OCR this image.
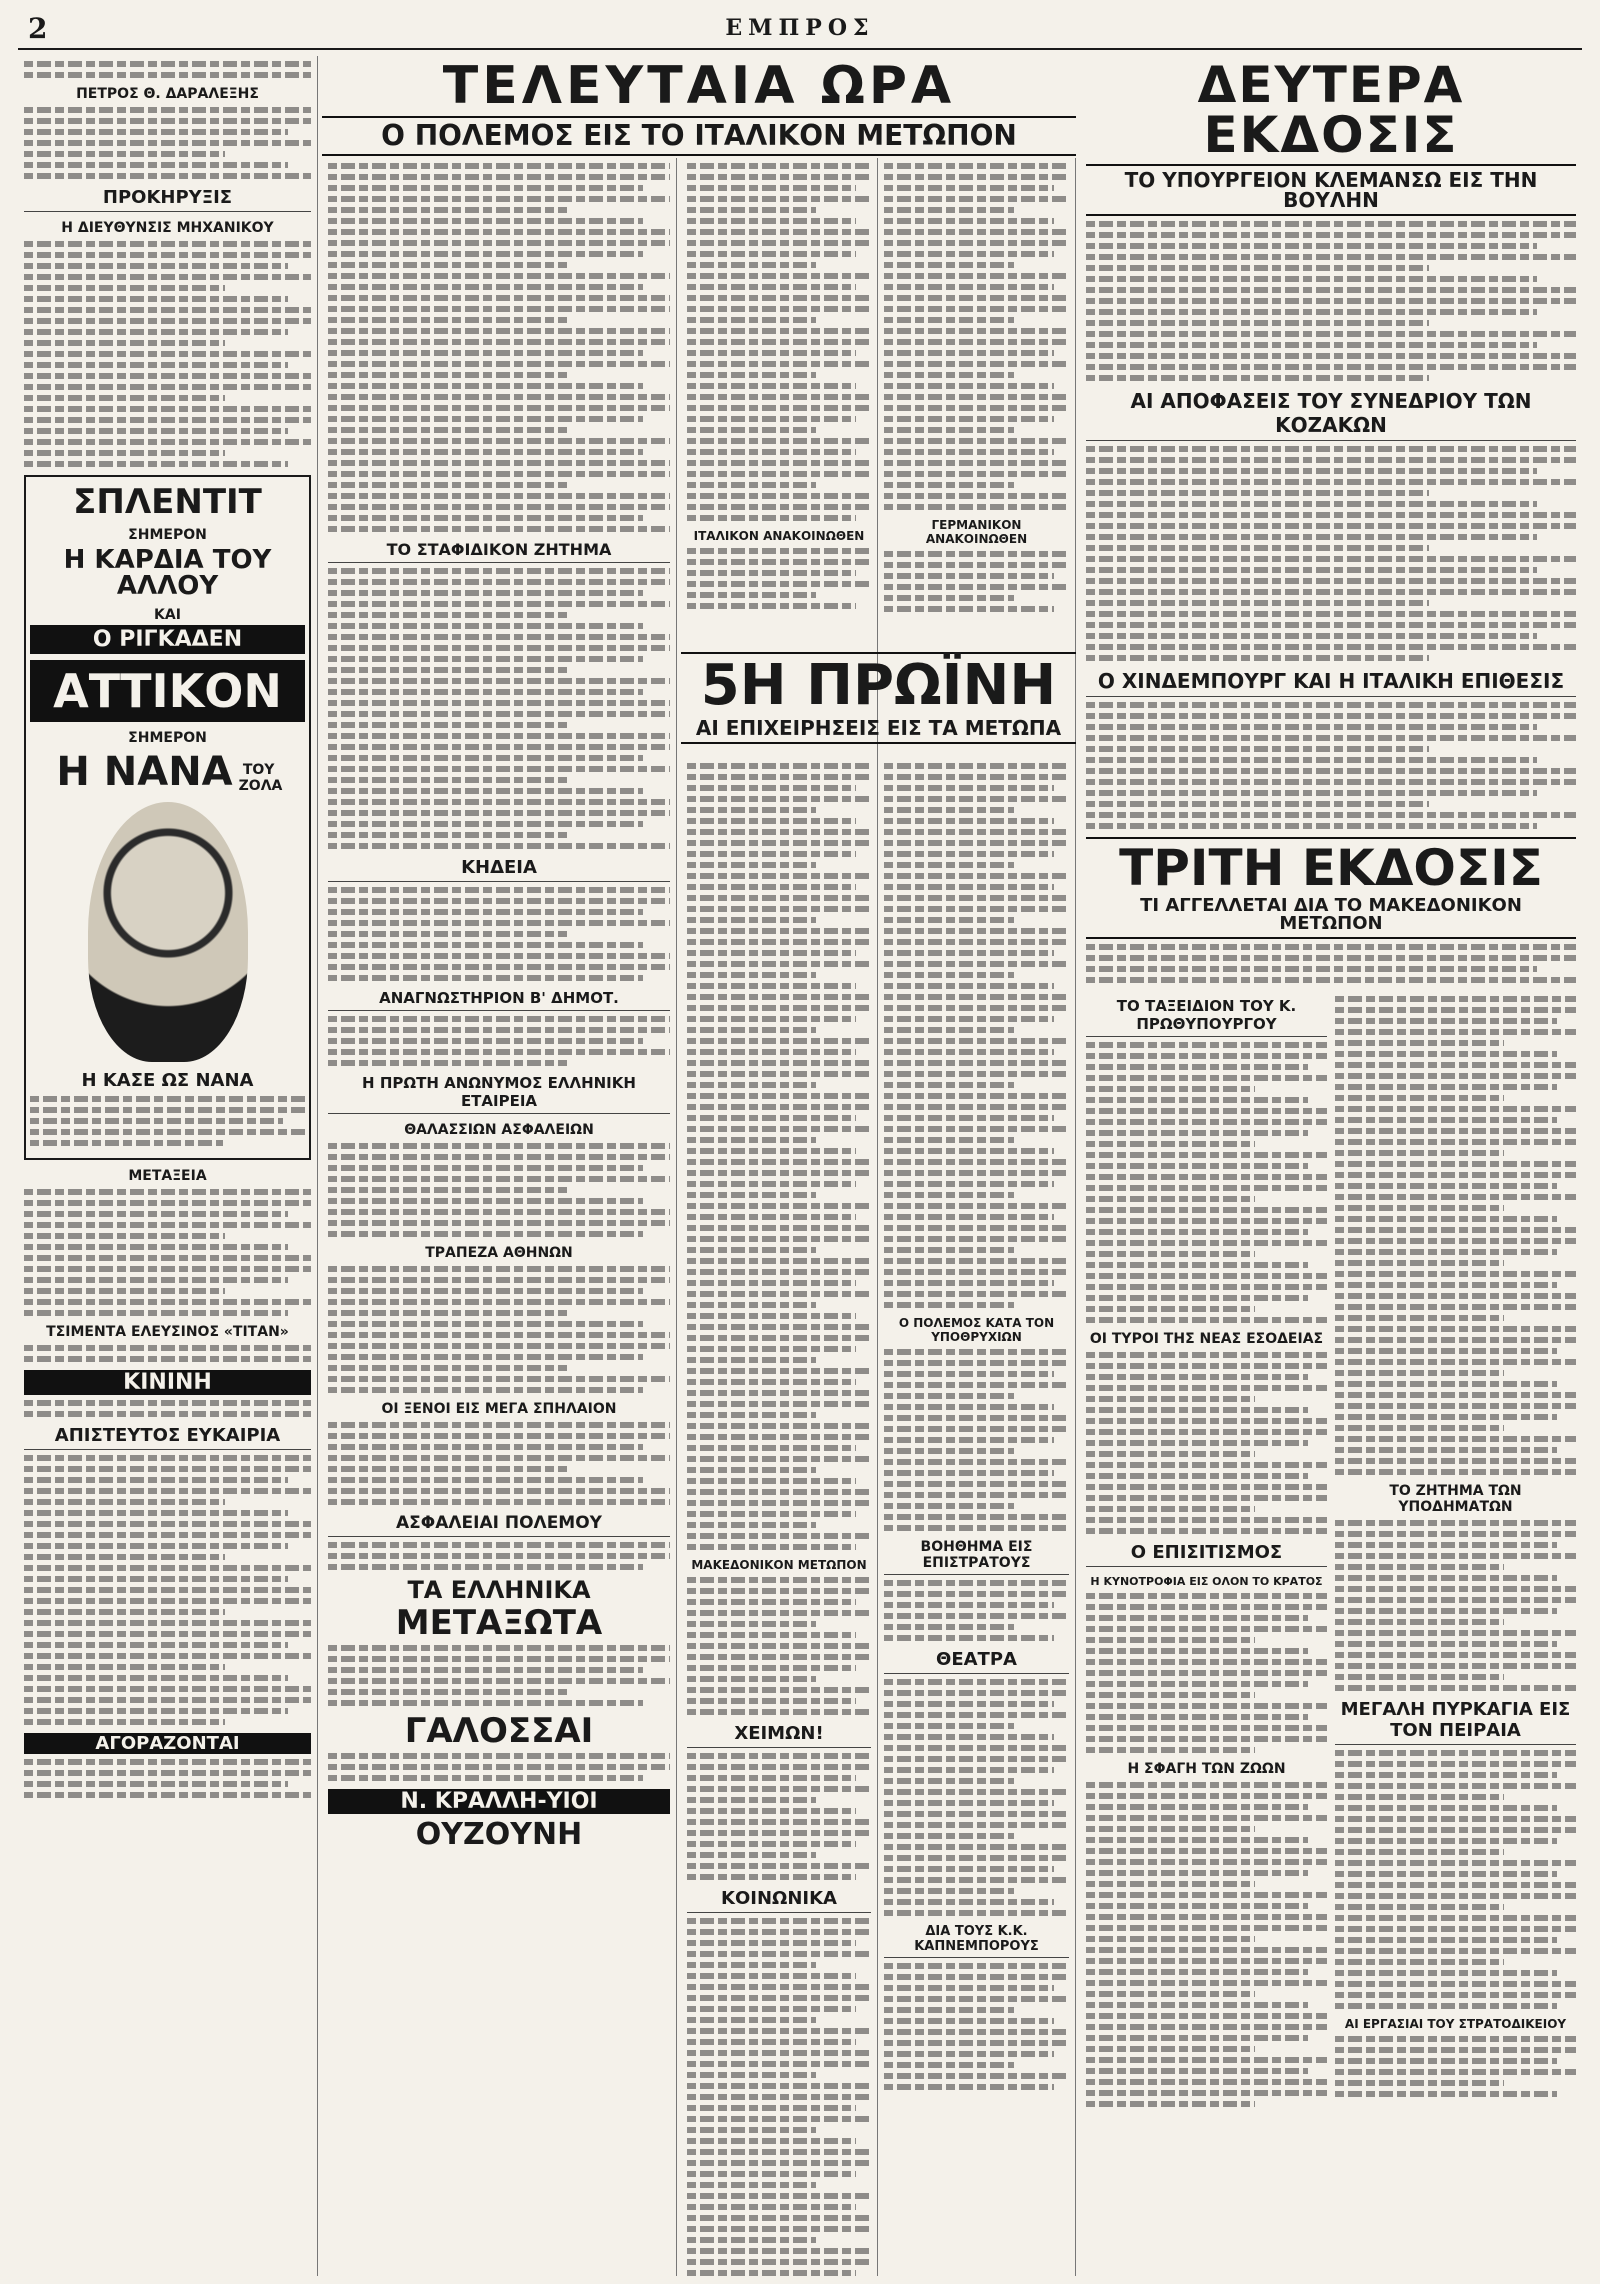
2	ΕΜΠΡΟΣ
ΠΕΤΡΟΣ Θ. ΔΑΡΑΛΕΞΗΣ
ΠΡΟΚΗΡΥΞΙΣ
Η ΔΙΕΥΘΥΝΣΙΣ ΜΗΧΑΝΙΚΟΥ
ΣΠΛΕΝΤΙΤ
ΣΗΜΕΡΟΝ
Η ΚΑΡΔΙΑ ΤΟΥ ΑΛΛΟΥ
ΚΑΙ
Ο ΡΙΓΚΑΔΕΝ
ΑΤΤΙΚΟΝ
ΣΗΜΕΡΟΝ
Η ΝΑΝΑ ΤΟΥ ΖΟΛΑ
Η ΚΑΣΕ ΩΣ ΝΑΝΑ
ΜΕΤΑΞΕΙΑ
ΤΣΙΜΕΝΤΑ ΕΛΕΥΣΙΝΟΣ «ΤΙΤΑΝ»
ΚΙΝΙΝΗ
ΑΠΙΣΤΕΥΤΟΣ ΕΥΚΑΙΡΙΑ
ΑΓΟΡΑΖΟΝΤΑΙ
ΤΕΛΕΥΤΑΙΑ ΩΡΑ
Ο ΠΟΛΕΜΟΣ ΕΙΣ ΤΟ ΙΤΑΛΙΚΟΝ ΜΕΤΩΠΟΝ
ΤΟ ΣΤΑΦΙΔΙΚΟΝ ΖΗΤΗΜΑ
ΚΗΔΕΙΑ
ΑΝΑΓΝΩΣΤΗΡΙΟΝ Β' ΔΗΜΟΤ.
Η ΠΡΩΤΗ ΑΝΩΝΥΜΟΣ ΕΛΛΗΝΙΚΗ ΕΤΑΙΡΕΙΑ
ΘΑΛΑΣΣΙΩΝ ΑΣΦΑΛΕΙΩΝ
ΤΡΑΠΕΖΑ ΑΘΗΝΩΝ
ΟΙ ΞΕΝΟΙ ΕΙΣ ΜΕΓΑ ΣΠΗΛΑΙΟΝ
ΑΣΦΑΛΕΙΑΙ ΠΟΛΕΜΟΥ
ΤΑ ΕΛΛΗΝΙΚΑ
ΜΕΤΑΞΩΤΑ
ΓΑΛΟΣΣΑΙ
Ν. ΚΡΑΛΛΗ-ΥΙΟΙ
ΟΥΖΟΥΝΗ
ΙΤΑΛΙΚΟΝ ΑΝΑΚΟΙΝΩΘΕΝ
ΓΕΡΜΑΝΙΚΟΝ ΑΝΑΚΟΙΝΩΘΕΝ
5Η ΠΡΩΪΝΗ
ΑΙ ΕΠΙΧΕΙΡΗΣΕΙΣ ΕΙΣ ΤΑ ΜΕΤΩΠΑ
ΜΑΚΕΔΟΝΙΚΟΝ ΜΕΤΩΠΟΝ
ΧΕΙΜΩΝ!
ΚΟΙΝΩΝΙΚΑ
Ο ΠΟΛΕΜΟΣ ΚΑΤΑ ΤΟΝ ΥΠΟΘΡΥΧΙΩΝ
ΒΟΗΘΗΜΑ ΕΙΣ ΕΠΙΣΤΡΑΤΟΥΣ
ΘΕΑΤΡΑ
ΔΙΑ ΤΟΥΣ Κ.Κ. ΚΑΠΝΕΜΠΟΡΟΥΣ
ΔΕΥΤΕΡΑ ΕΚΔΟΣΙΣ
ΤΟ ΥΠΟΥΡΓΕΙΟΝ ΚΛΕΜΑΝΣΩ ΕΙΣ ΤΗΝ ΒΟΥΛΗΝ
ΑΙ ΑΠΟΦΑΣΕΙΣ ΤΟΥ ΣΥΝΕΔΡΙΟΥ ΤΩΝ ΚΟΖΑΚΩΝ
Ο ΧΙΝΔΕΜΠΟΥΡΓ ΚΑΙ Η ΙΤΑΛΙΚΗ ΕΠΙΘΕΣΙΣ
ΤΡΙΤΗ ΕΚΔΟΣΙΣ
ΤΙ ΑΓΓΕΛΛΕΤΑΙ ΔΙΑ ΤΟ ΜΑΚΕΔΟΝΙΚΟΝ ΜΕΤΩΠΟΝ
ΤΟ ΤΑΞΕΙΔΙΟΝ ΤΟΥ Κ. ΠΡΩΘΥΠΟΥΡΓΟΥ
ΟΙ ΤΥΡΟΙ ΤΗΣ ΝΕΑΣ ΕΣΟΔΕΙΑΣ
Ο ΕΠΙΣΙΤΙΣΜΟΣ
Η ΚΥΝΟΤΡΟΦΙΑ ΕΙΣ ΟΛΟΝ ΤΟ ΚΡΑΤΟΣ
Η ΣΦΑΓΗ ΤΩΝ ΖΩΩΝ
ΤΟ ΖΗΤΗΜΑ ΤΩΝ ΥΠΟΔΗΜΑΤΩΝ
ΜΕΓΑΛΗ ΠΥΡΚΑΓΙΑ ΕΙΣ ΤΟΝ ΠΕΙΡΑΙΑ
ΑΙ ΕΡΓΑΣΙΑΙ ΤΟΥ ΣΤΡΑΤΟΔΙΚΕΙΟΥ
